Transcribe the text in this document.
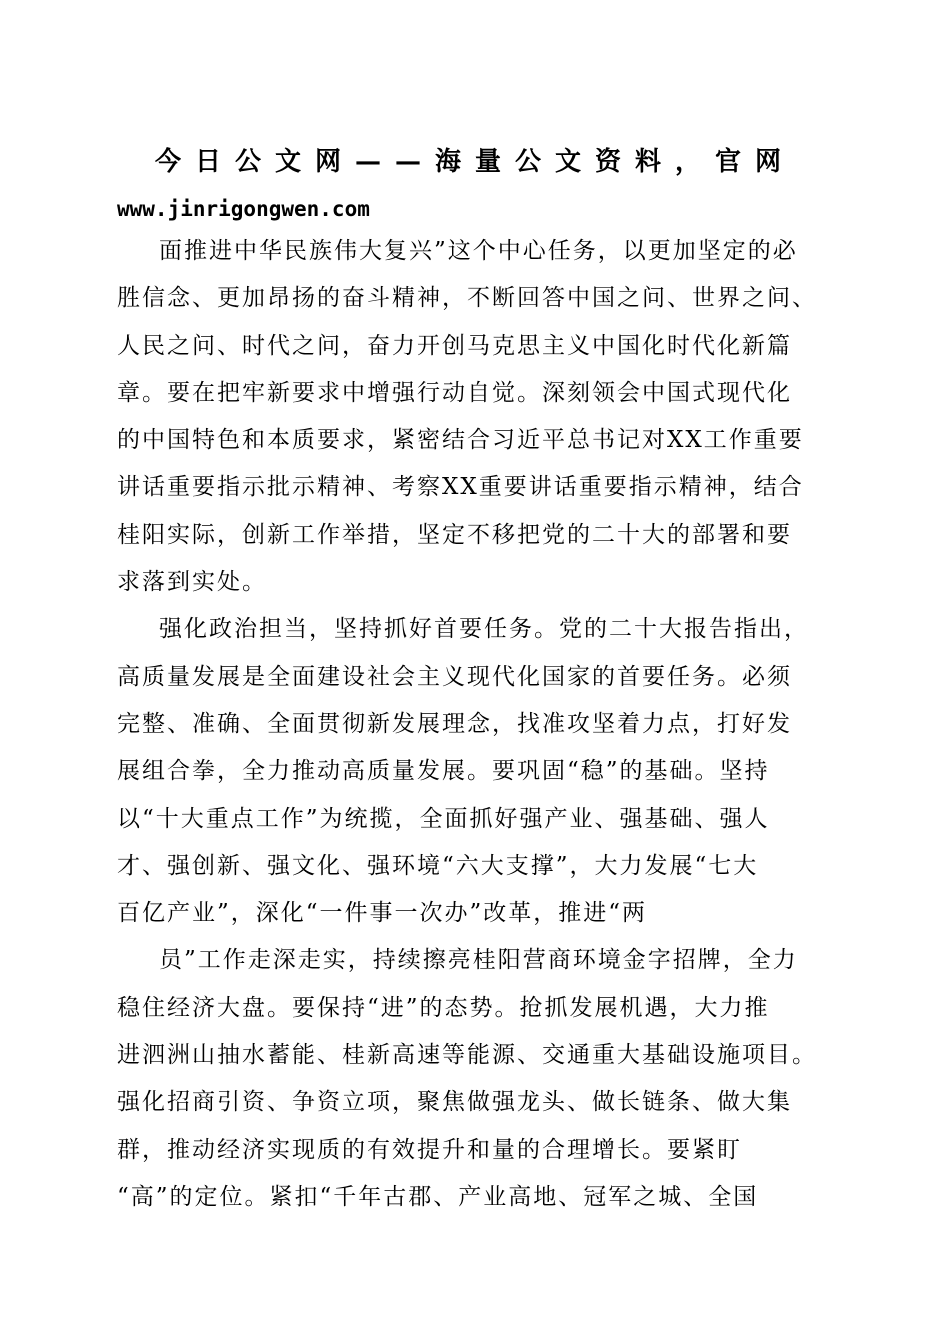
今日公文网——海量公文资料，官网
www.jinrigongwen.com
面推进中华民族伟大复兴”这个中心任务，以更加坚定的必
胜信念、更加昂扬的奋斗精神，不断回答中国之问、世界之问、
人民之问、时代之问，奋力开创马克思主义中国化时代化新篇
章。要在把牢新要求中增强行动自觉。深刻领会中国式现代化
的中国特色和本质要求，紧密结合习近平总书记对XX工作重要
讲话重要指示批示精神、考察XX重要讲话重要指示精神，结合
桂阳实际，创新工作举措，坚定不移把党的二十大的部署和要
求落到实处。
强化政治担当，坚持抓好首要任务。党的二十大报告指出，
高质量发展是全面建设社会主义现代化国家的首要任务。必须
完整、准确、全面贯彻新发展理念，找准攻坚着力点，打好发
展组合拳，全力推动高质量发展。要巩固“稳”的基础。坚持
以“十大重点工作”为统揽，全面抓好强产业、强基础、强人
才、强创新、强文化、强环境“六大支撑”，大力发展“七大
百亿产业”，深化“一件事一次办”改革，推进“两
员”工作走深走实，持续擦亮桂阳营商环境金字招牌，全力
稳住经济大盘。要保持“进”的态势。抢抓发展机遇，大力推
进泗洲山抽水蓄能、桂新高速等能源、交通重大基础设施项目。
强化招商引资、争资立项，聚焦做强龙头、做长链条、做大集
群，推动经济实现质的有效提升和量的合理增长。要紧盯
“高”的定位。紧扣“千年古郡、产业高地、冠军之城、全国
